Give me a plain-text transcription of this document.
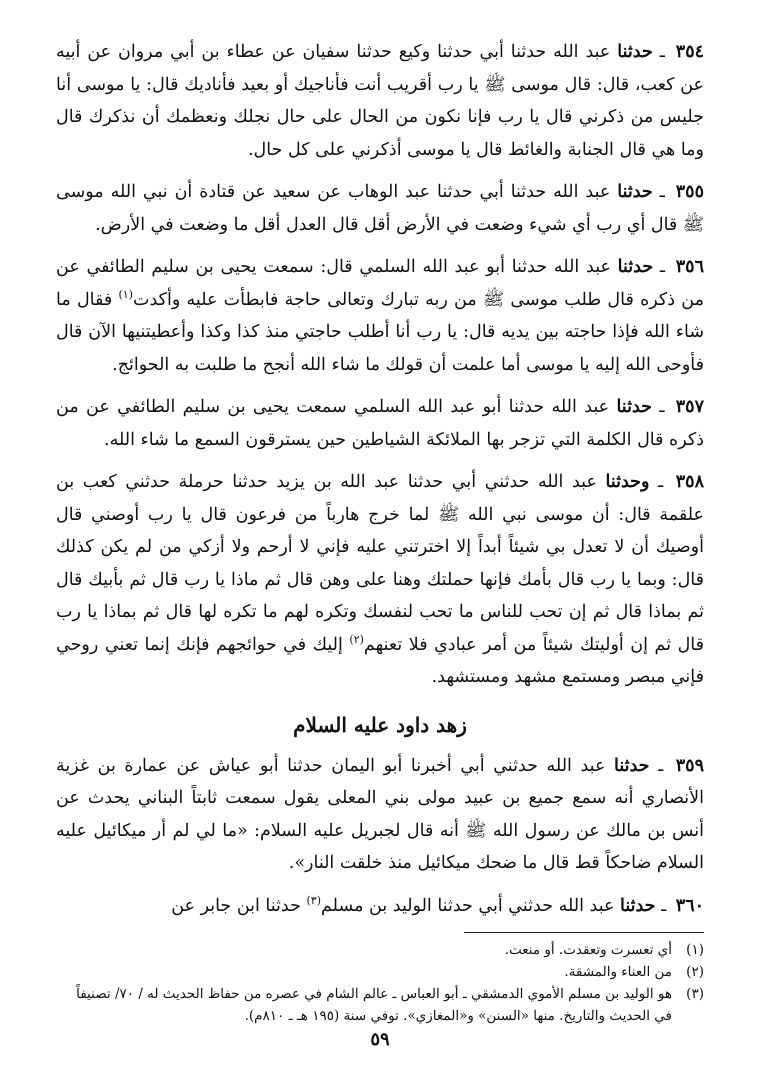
٣٥٤ ـ حدثنا عبد الله حدثنا أبي حدثنا وكيع حدثنا سفيان عن عطاء بن أبي مروان عن أبيه عن كعب، قال: قال موسى ﷺ يا رب أقريب أنت فأناجيك أو بعيد فأناديك قال: يا موسى أنا جليس من ذكرني قال يا رب فإنا نكون من الحال على حال نجلك ونعظمك أن نذكرك قال وما هي قال الجنابة والغائط قال يا موسى أذكرني على كل حال.

٣٥٥ ـ حدثنا عبد الله حدثنا أبي حدثنا عبد الوهاب عن سعيد عن قتادة أن نبي الله موسى ﷺ قال أي رب أي شيء وضعت في الأرض أقل قال العدل أقل ما وضعت في الأرض.

٣٥٦ ـ حدثنا عبد الله حدثنا أبو عبد الله السلمي قال: سمعت يحيى بن سليم الطائفي عن من ذكره قال طلب موسى ﷺ من ربه تبارك وتعالى حاجة فابطأت عليه وأكدت$^{(١)}$ فقال ما شاء الله فإذا حاجته بين يديه قال: يا رب أنا أطلب حاجتي منذ كذا وكذا وأعطيتنيها الآن قال فأوحى الله إليه يا موسى أما علمت أن قولك ما شاء الله أنجح ما طلبت به الحوائج.

٣٥٧ ـ حدثنا عبد الله حدثنا أبو عبد الله السلمي سمعت يحيى بن سليم الطائفي عن من ذكره قال الكلمة التي تزجر بها الملائكة الشياطين حين يسترقون السمع ما شاء الله.

٣٥٨ ـ وحدثنا عبد الله حدثني أبي حدثنا عبد الله بن يزيد حدثنا حرملة حدثني كعب بن علقمة قال: أن موسى نبي الله ﷺ لما خرج هارباً من فرعون قال يا رب أوصني قال أوصيك أن لا تعدل بي شيئاً أبداً إلا اخترتني عليه فإني لا أرحم ولا أزكي من لم يكن كذلك قال: وبما يا رب قال بأمك فإنها حملتك وهنا على وهن قال ثم ماذا يا رب قال ثم بأبيك قال ثم بماذا قال ثم إن تحب للناس ما تحب لنفسك وتكره لهم ما تكره لها قال ثم بماذا يا رب قال ثم إن أوليتك شيئاً من أمر عبادي فلا تعنهم$^{(٢)}$ إليك في حوائجهم فإنك إنما تعني روحي فإني مبصر ومستمع مشهد ومستشهد.

زهد داود عليه السلام

٣٥٩ ـ حدثنا عبد الله حدثني أبي أخبرنا أبو اليمان حدثنا أبو عياش عن عمارة بن غزية الأنصاري أنه سمع جميع بن عبيد مولى بني المعلى يقول سمعت ثابتاً البناني يحدث عن أنس بن مالك عن رسول الله ﷺ أنه قال لجبريل عليه السلام: «ما لي لم أر ميكائيل عليه السلام ضاحكاً قط قال ما ضحك ميكائيل منذ خلقت النار».

٣٦٠ ـ حدثنا عبد الله حدثني أبي حدثنا الوليد بن مسلم$^{(٣)}$ حدثنا ابن جابر عن

(١)
أي تعسرت وتعقدت. أو منعت.
(٢)
من العناء والمشقة.
(٣)
هو الوليد بن مسلم الأموي الدمشقي ـ أبو العباس ـ عالم الشام في عصره من حفاظ الحديث له / ٧٠/ تصنيفاً في الحديث والتاريخ. منها «السنن» و«المغازي». توفي سنة (١٩٥ هـ ـ ٨١٠م).
٥٩
